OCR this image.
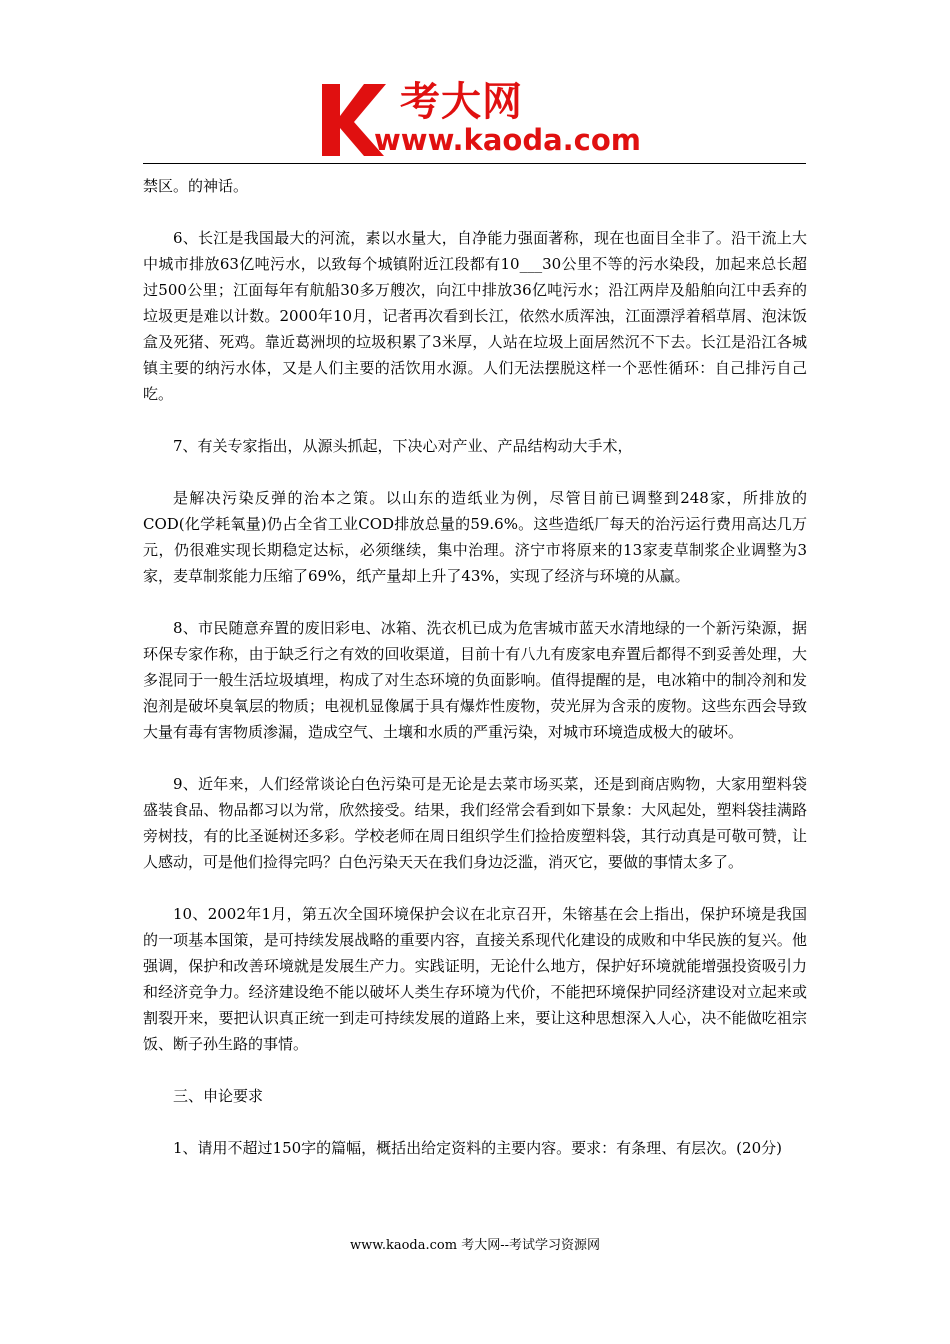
考大网
www.kaoda.com

禁区。的神话。

6、长江是我国最大的河流，素以水量大，自净能力强面著称，现在也面目全非了。沿干流上大中城市排放63亿吨污水，以致每个城镇附近江段都有10___30公里不等的污水染段，加起来总长超过500公里；江面每年有航船30多万艘次，向江中排放36亿吨污水；沿江两岸及船舶向江中丢弃的垃圾更是难以计数。2000年10月，记者再次看到长江，依然水质浑浊，江面漂浮着稻草屑、泡沫饭盒及死猪、死鸡。靠近葛洲坝的垃圾积累了3米厚，人站在垃圾上面居然沉不下去。长江是沿江各城镇主要的纳污水体，又是人们主要的活饮用水源。人们无法摆脱这样一个恶性循环：自己排污自己吃。

7、有关专家指出，从源头抓起，下决心对产业、产品结构动大手术，

是解决污染反弹的治本之策。以山东的造纸业为例，尽管目前已调整到248家，所排放的COD(化学耗氧量)仍占全省工业COD排放总量的59.6%。这些造纸厂每天的治污运行费用高达几万元，仍很难实现长期稳定达标，必须继续，集中治理。济宁市将原来的13家麦草制浆企业调整为3家，麦草制浆能力压缩了69%，纸产量却上升了43%，实现了经济与环境的从赢。

8、市民随意弃置的废旧彩电、冰箱、洗衣机已成为危害城市蓝天水清地绿的一个新污染源，据环保专家作称，由于缺乏行之有效的回收渠道，目前十有八九有废家电弃置后都得不到妥善处理，大多混同于一般生活垃圾填埋，构成了对生态环境的负面影响。值得提醒的是，电冰箱中的制冷剂和发泡剂是破坏臭氧层的物质；电视机显像属于具有爆炸性废物，荧光屏为含汞的废物。这些东西会导致大量有毒有害物质渗漏，造成空气、土壤和水质的严重污染，对城市环境造成极大的破坏。

9、近年来，人们经常谈论白色污染可是无论是去菜市场买菜，还是到商店购物，大家用塑料袋盛装食品、物品都习以为常，欣然接受。结果，我们经常会看到如下景象：大风起处，塑料袋挂满路旁树技，有的比圣诞树还多彩。学校老师在周日组织学生们捡拾废塑料袋，其行动真是可敬可赞，让人感动，可是他们捡得完吗？白色污染天天在我们身边泛滥，消灭它，要做的事情太多了。

10、2002年1月，第五次全国环境保护会议在北京召开，朱镕基在会上指出，保护环境是我国的一项基本国策，是可持续发展战略的重要内容，直接关系现代化建设的成败和中华民族的复兴。他强调，保护和改善环境就是发展生产力。实践证明，无论什么地方，保护好环境就能增强投资吸引力和经济竞争力。经济建设绝不能以破坏人类生存环境为代价，不能把环境保护同经济建设对立起来或割裂开来，要把认识真正统一到走可持续发展的道路上来，要让这种思想深入人心，决不能做吃祖宗饭、断子孙生路的事情。

三、申论要求

1、请用不超过150字的篇幅，概括出给定资料的主要内容。要求：有条理、有层次。(20分)

www.kaoda.com 考大网--考试学习资源网
